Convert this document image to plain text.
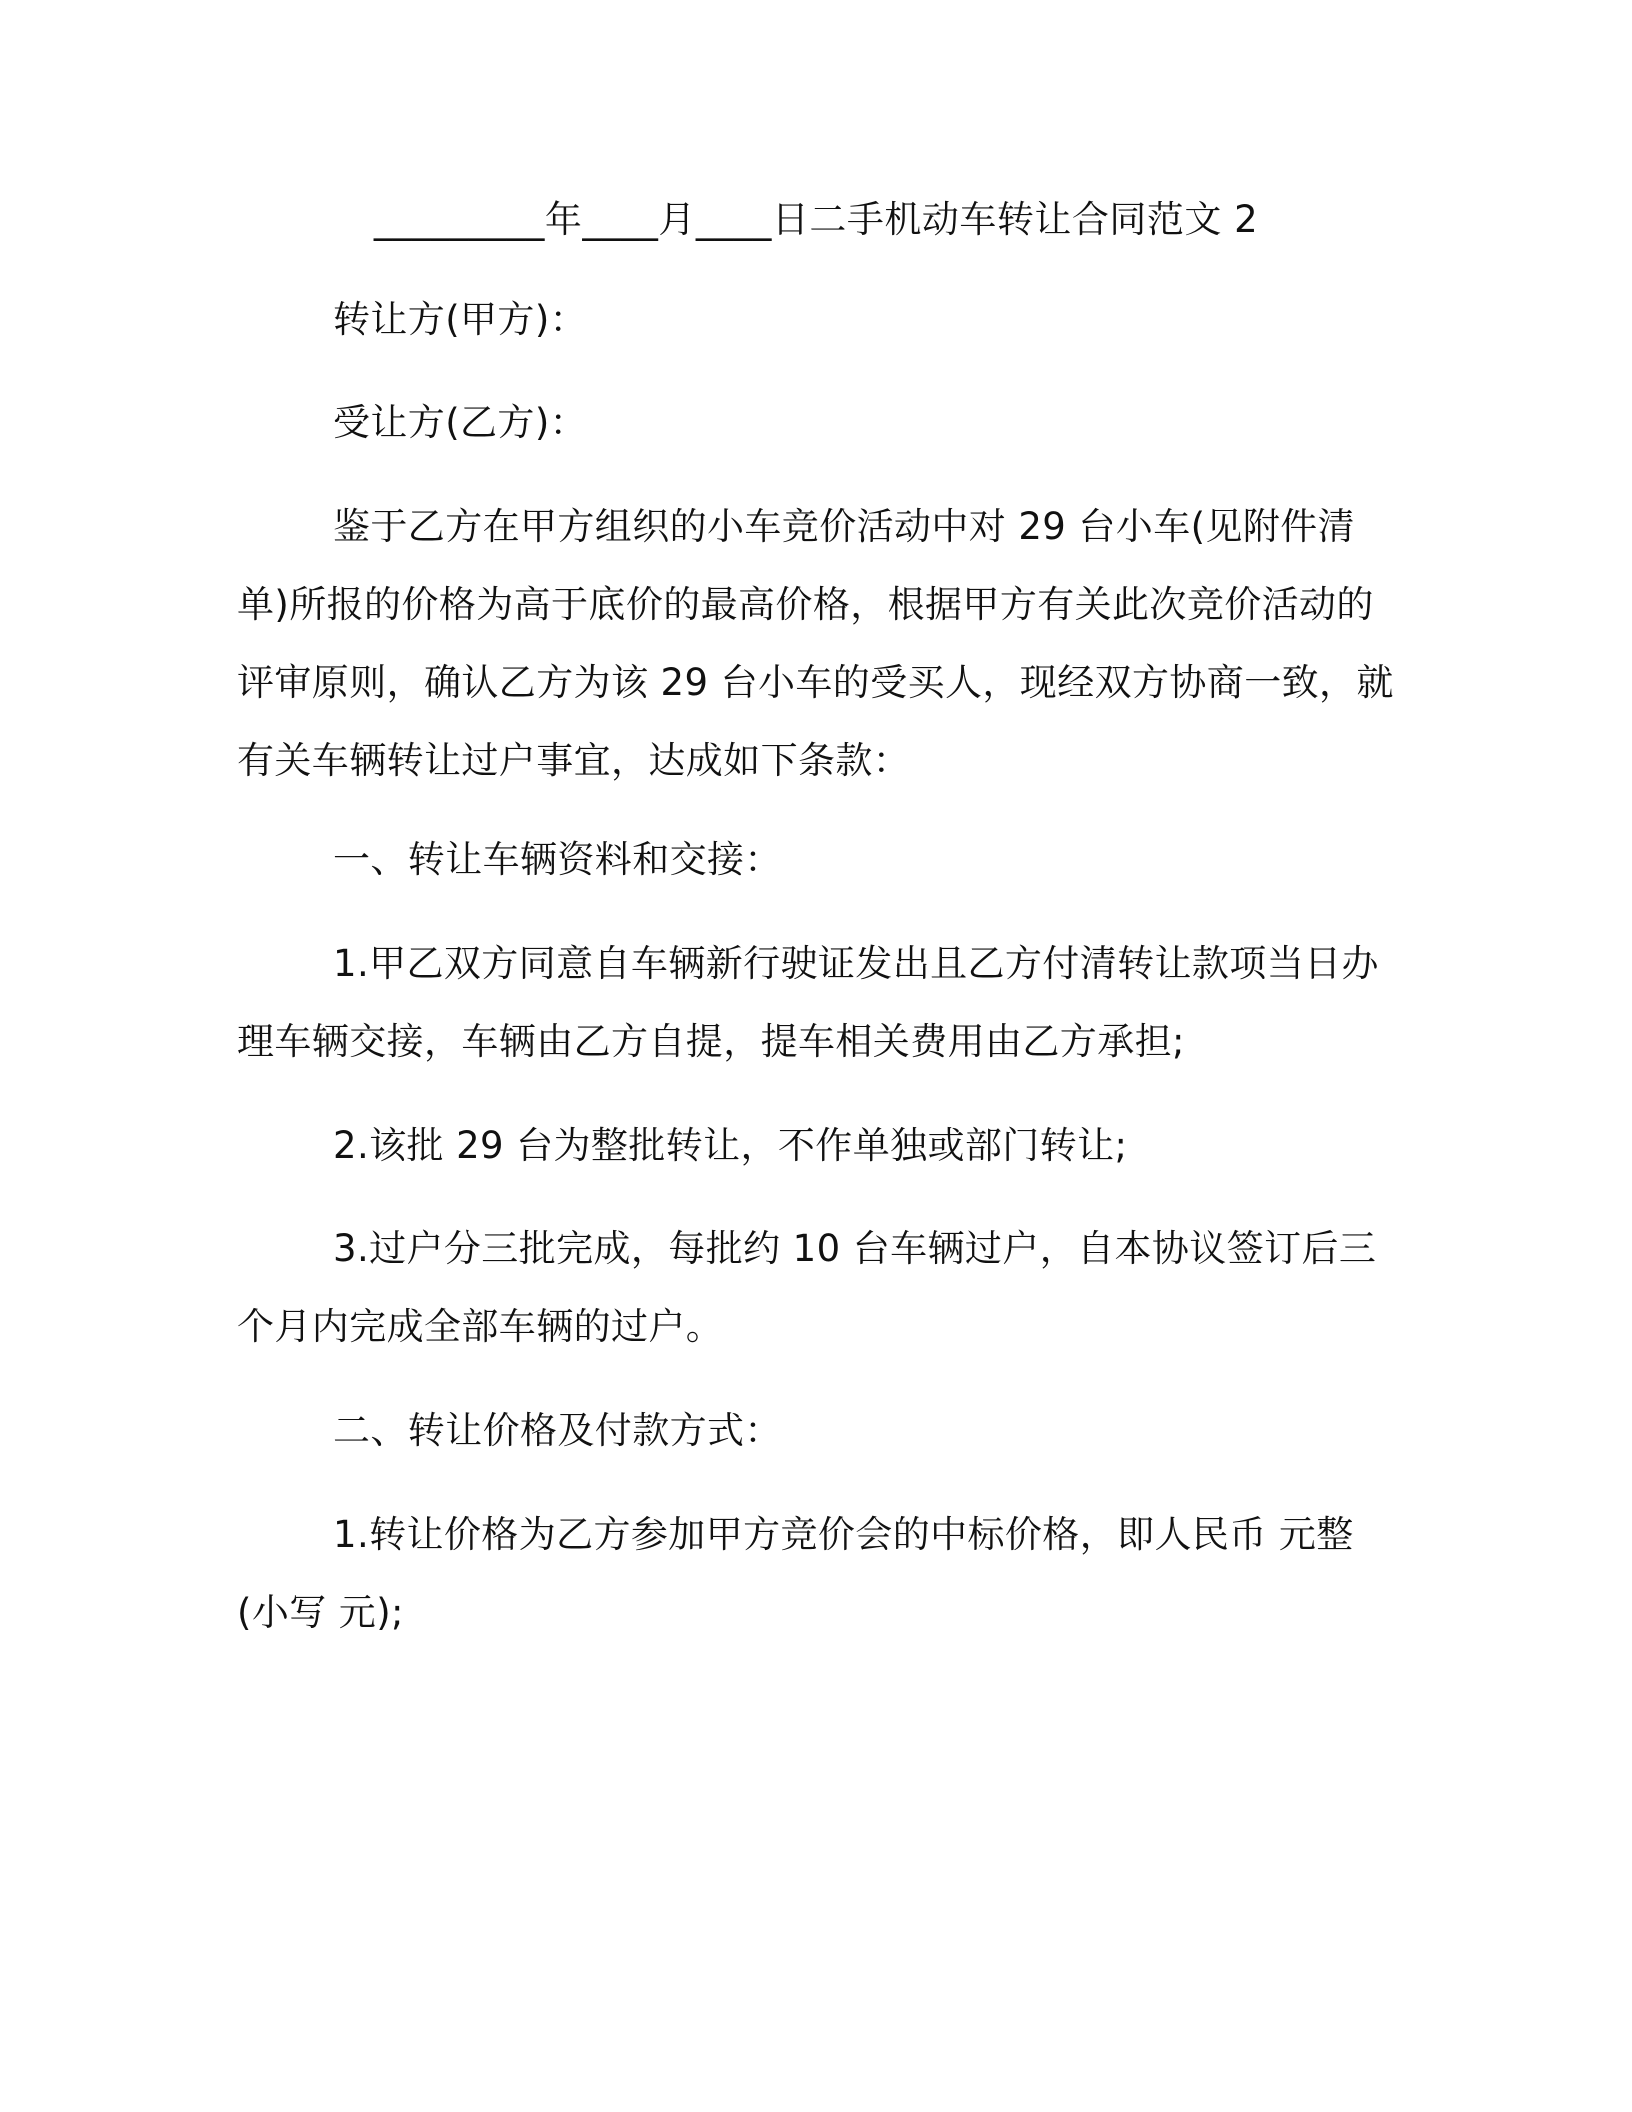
_________年____月____日二手机动车转让合同范文 2

转让方(甲方)：

受让方(乙方)：

鉴于乙方在甲方组织的小车竞价活动中对 29 台小车(见附件清单)所报的价格为高于底价的最高价格，根据甲方有关此次竞价活动的评审原则，确认乙方为该 29 台小车的受买人，现经双方协商一致，就有关车辆转让过户事宜，达成如下条款：

一、转让车辆资料和交接：

1.甲乙双方同意自车辆新行驶证发出且乙方付清转让款项当日办理车辆交接，车辆由乙方自提，提车相关费用由乙方承担;

2.该批 29 台为整批转让，不作单独或部门转让;

3.过户分三批完成，每批约 10 台车辆过户，自本协议签订后三个月内完成全部车辆的过户。

二、转让价格及付款方式：

1.转让价格为乙方参加甲方竞价会的中标价格，即人民币 元整(小写 元);
